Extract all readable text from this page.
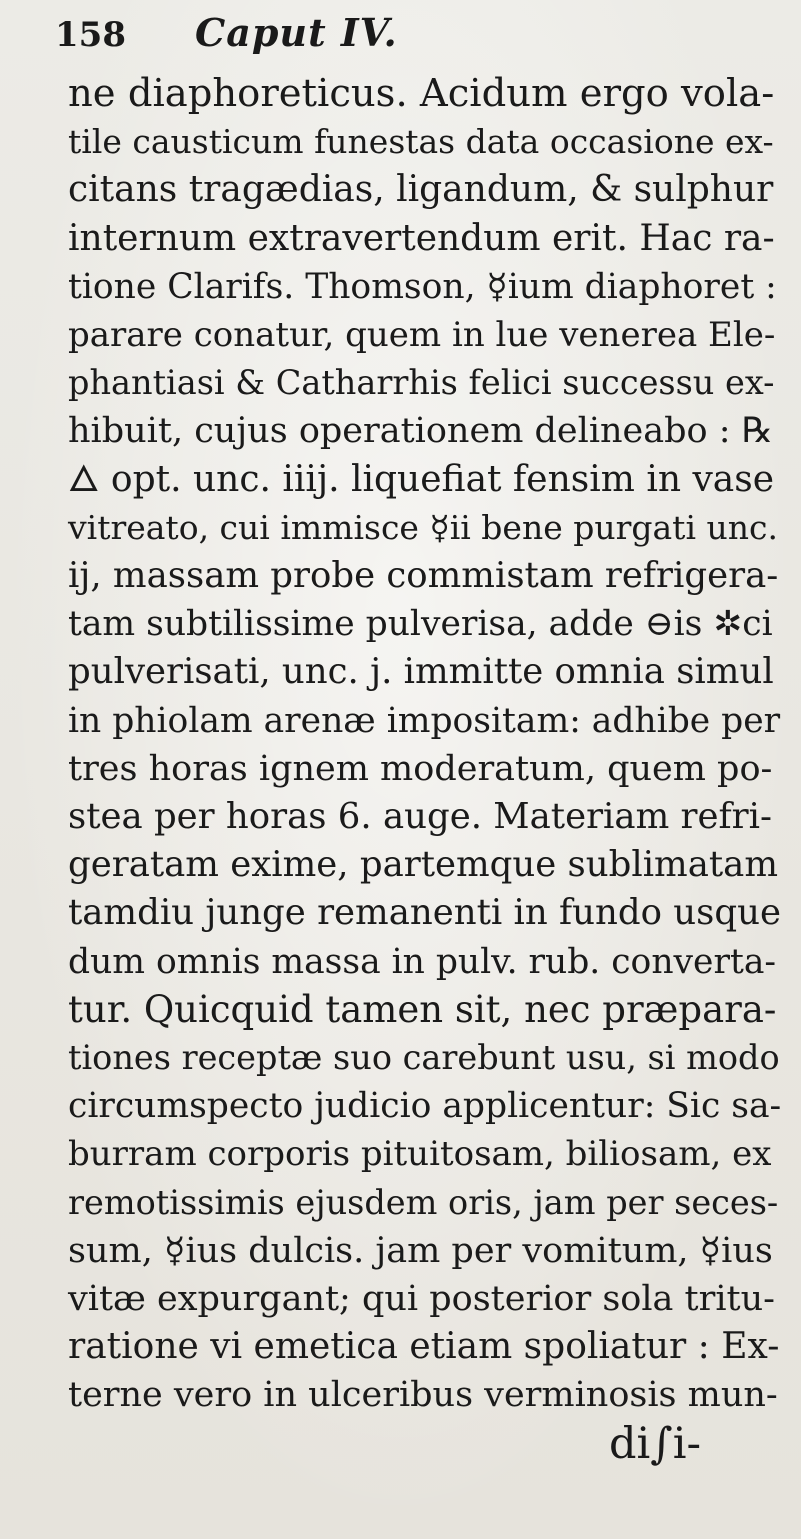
158	Caput IV.
ne diaphoreticus. Acidum ergo vola-
tile causticum funestas data occasione ex-
citans tragædias, ligandum, & sulphur
internum extravertendum erit. Hac ra-
tione Clarifs. Thomson, ☿ium diaphoret :
parare conatur, quem in lue venerea Ele-
phantiasi & Catharrhis felici successu ex-
hibuit, cujus operationem delineabo : ℞
🜂 opt. unc. iiij. liquefiat fensim in vase
vitreato, cui immisce ☿ii bene purgati unc.
ij, massam probe commistam refrigera-
tam subtilissime pulverisa, adde ⊖is ✲ci
pulverisati, unc. j. immitte omnia simul
in phiolam arenæ impositam: adhibe per
tres horas ignem moderatum, quem po-
stea per horas 6. auge. Materiam refri-
geratam exime, partemque sublimatam
tamdiu junge remanenti in fundo usque
dum omnis massa in pulv. rub. converta-
tur. Quicquid tamen sit, nec præpara-
tiones receptæ suo carebunt usu, si modo
circumspecto judicio applicentur: Sic sa-
burram corporis pituitosam, biliosam, ex
remotissimis ejusdem oris, jam per seces-
sum, ☿ius dulcis. jam per vomitum, ☿ius
vitæ expurgant; qui posterior sola tritu-
ratione vi emetica etiam spoliatur : Ex-
terne vero in ulceribus verminosis mun-
di∫i-
